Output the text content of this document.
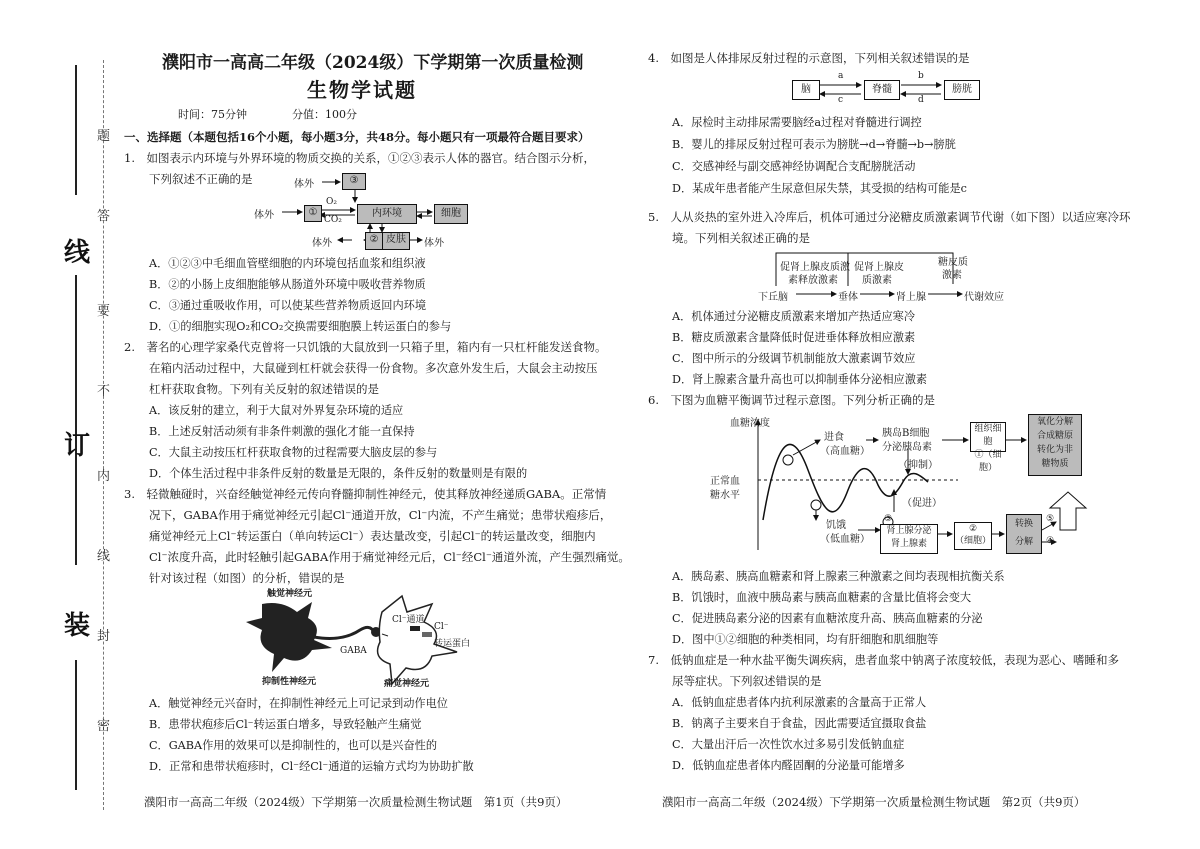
线
订
装
题
答
要
不
内
线
封
密
濮阳市一高高二年级（2024级）下学期第一次质量检测
生物学试题
时间：75分钟	分值：100分
一、选择题（本题包括16个小题，每小题3分，共48分。每小题只有一项最符合题目要求）
1.　如图表示内环境与外界环境的物质交换的关系，①②③表示人体的器官。结合图示分析，
下列叙述不正确的是	体外	③
体外	①
O₂
CO₂
内环境	细胞
体外	② 皮肤	体外
A．①②③中毛细血管壁细胞的内环境包括血浆和组织液
B．②的小肠上皮细胞能够从肠道外环境中吸收营养物质
C．③通过重吸收作用，可以使某些营养物质返回内环境
D．①的细胞实现O₂和CO₂交换需要细胞膜上转运蛋白的参与
2.　著名的心理学家桑代克曾将一只饥饿的大鼠放到一只箱子里，箱内有一只杠杆能发送食物。
在箱内活动过程中，大鼠碰到杠杆就会获得一份食物。多次意外发生后，大鼠会主动按压
杠杆获取食物。下列有关反射的叙述错误的是
A．该反射的建立，利于大鼠对外界复杂环境的适应
B．上述反射活动须有非条件刺激的强化才能一直保持
C．大鼠主动按压杠杆获取食物的过程需要大脑皮层的参与
D．个体生活过程中非条件反射的数量是无限的，条件反射的数量则是有限的
3.　轻微触碰时，兴奋经触觉神经元传向脊髓抑制性神经元，使其释放神经递质GABA。正常情
况下，GABA作用于痛觉神经元引起Cl⁻通道开放，Cl⁻内流，不产生痛觉；患带状疱疹后，
痛觉神经元上Cl⁻转运蛋白（单向转运Cl⁻）表达量改变，引起Cl⁻的转运量改变，细胞内
Cl⁻浓度升高，此时轻触引起GABA作用于痛觉神经元后，Cl⁻经Cl⁻通道外流，产生强烈痛觉。
针对该过程（如图）的分析，错误的是
触觉神经元
抑制性神经元
GABA
Cl⁻通道
Cl⁻
转运蛋白
痛觉神经元
A．触觉神经元兴奋时，在抑制性神经元上可记录到动作电位
B．患带状疱疹后Cl⁻转运蛋白增多，导致轻触产生痛觉
C．GABA作用的效果可以是抑制性的，也可以是兴奋性的
D．正常和患带状疱疹时，Cl⁻经Cl⁻通道的运输方式均为协助扩散
濮阳市一高高二年级（2024级）下学期第一次质量检测生物试题　第1页（共9页）
4.　如图是人体排尿反射过程的示意图，下列相关叙述错误的是
脑	脊髓	膀胱
a
c
b
d
A．尿检时主动排尿需要脑经a过程对脊髓进行调控
B．婴儿的排尿反射过程可表示为膀胱→d→脊髓→b→膀胱
C．交感神经与副交感神经协调配合支配膀胱活动
D．某成年患者能产生尿意但尿失禁，其受损的结构可能是c
5.　人从炎热的室外进入冷库后，机体可通过分泌糖皮质激素调节代谢（如下图）以适应寒冷环
境。下列相关叙述正确的是
促肾上腺皮质激
素释放激素
促肾上腺皮
质激素
糖皮质
激素
下丘脑	垂体	肾上腺	代谢效应
A．机体通过分泌糖皮质激素来增加产热适应寒冷
B．糖皮质激素含量降低时促进垂体释放相应激素
C．图中所示的分级调节机制能放大激素调节效应
D．肾上腺素含量升高也可以抑制垂体分泌相应激素
6.　下图为血糖平衡调节过程示意图。下列分析正确的是
血糖浓度
正常血
糖水平
进食
（高血糖）
胰岛B细胞
分泌胰岛素
组织细胞
①（细胞）
氧化分解
合成糖原
转化为非
糖物质
（抑制）
（促进）
饥饿
（低血糖）
③
肾上腺分泌
肾上腺素
②
（细胞）
转换
分解
⑤
④
A．胰岛素、胰高血糖素和肾上腺素三种激素之间均表现相抗衡关系
B．饥饿时，血液中胰岛素与胰高血糖素的含量比值将会变大
C．促进胰岛素分泌的因素有血糖浓度升高、胰高血糖素的分泌
D．图中①②细胞的种类相同，均有肝细胞和肌细胞等
7.　低钠血症是一种水盐平衡失调疾病，患者血浆中钠离子浓度较低，表现为恶心、嗜睡和多
尿等症状。下列叙述错误的是
A．低钠血症患者体内抗利尿激素的含量高于正常人
B．钠离子主要来自于食盐，因此需要适宜摄取食盐
C．大量出汗后一次性饮水过多易引发低钠血症
D．低钠血症患者体内醛固酮的分泌量可能增多
濮阳市一高高二年级（2024级）下学期第一次质量检测生物试题　第2页（共9页）
